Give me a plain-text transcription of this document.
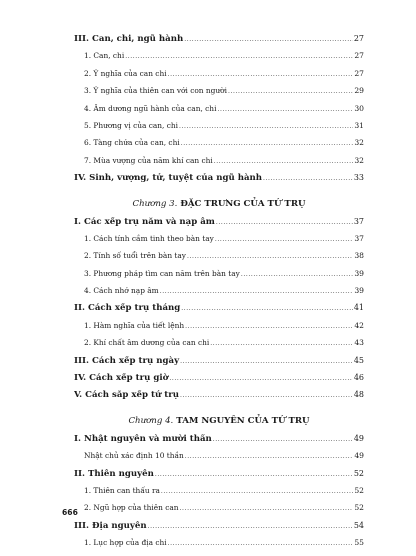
III. Can, chi, ngũ hành .....	27
1. Can, chi .....	27
2. Ý nghĩa của can chi .....	27
3. Ý nghĩa của thiên can với con người .....	29
4. Âm dương ngũ hành của can, chi .....	30
5. Phương vị của can, chi .....	31
6. Tàng chứa của can, chi .....	32
7. Mùa vượng của năm khí can chi .....	32
IV. Sinh, vượng, tử, tuyệt của ngũ hành .....	33
Chương 3. ĐẶC TRƯNG CỦA TỨ TRỤ
I. Các xếp trụ năm và nạp âm .....	37
1. Cách tính cầm tinh theo bàn tay .....	37
2. Tính số tuổi trên bàn tay .....	38
3. Phương pháp tìm can năm trên bàn tay .....	39
4. Cách nhớ nạp âm .....	39
II. Cách xếp trụ tháng .....	41
1. Hàm nghĩa của tiết lệnh .....	42
2. Khí chất âm dương của can chi .....	43
III. Cách xếp trụ ngày .....	45
IV. Cách xếp trụ giờ .....	46
V. Cách sắp xếp tứ trụ .....	48
Chương 4. TAM NGUYÊN CỦA TỨ TRỤ
I. Nhật nguyên và mười thần .....	49
Nhật chủ xác định 10 thần .....	49
II. Thiên nguyên .....	52
1. Thiên can thấu ra .....	52
2. Ngũ hợp của thiên can .....	52
III. Địa nguyên .....	54
1. Lục hợp của địa chi .....	55
666
